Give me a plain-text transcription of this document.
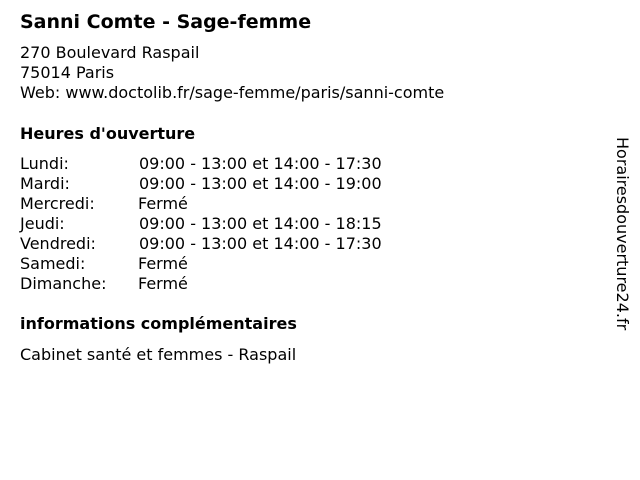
Sanni Comte - Sage-femme
270 Boulevard Raspail
75014 Paris
Web: www.doctolib.fr/sage-femme/paris/sanni-comte
Heures d'ouverture
Lundi:	09:00 - 13:00 et 14:00 - 17:30
Mardi:	09:00 - 13:00 et 14:00 - 19:00
Mercredi:	Fermé
Jeudi:	09:00 - 13:00 et 14:00 - 18:15
Vendredi:	09:00 - 13:00 et 14:00 - 17:30
Samedi:	Fermé
Dimanche: Fermé
informations complémentaires
Cabinet santé et femmes - Raspail
Horairesdouverture24.fr
